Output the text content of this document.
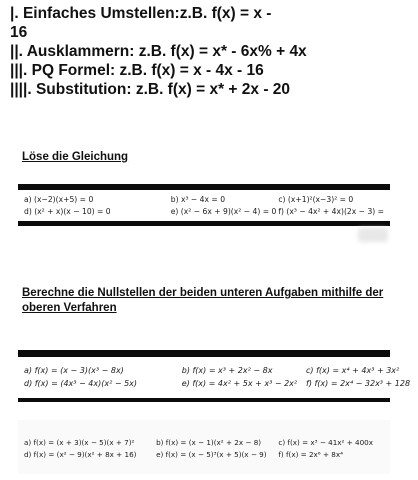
|. Einfaches Umstellen:z.B. f(x) = x -
16
||. Ausklammern: z.B. f(x) = x* - 6x% + 4x
|||. PQ Formel: z.B. f(x) = x - 4x - 16
||||. Substitution: z.B. f(x) = x* + 2x - 20
Löse die Gleichung
a) (x−2)(x+5) = 0	b) x³ − 4x = 0	c) (x+1)²(x−3)² = 0
d) (x² + x)(x − 10) = 0	e) (x² − 6x + 9)(x² − 4) = 0 f) (x³ − 4x² + 4x)(2x − 3) =
Berechne die Nullstellen der beiden unteren Aufgaben mithilfe der oberen Verfahren
a) f(x) = (x − 3)(x³ − 8x)	b) f(x) = x³ + 2x² − 8x	c) f(x) = x⁴ + 4x³ + 3x²
d) f(x) = (4x³ − 4x)(x² − 5x)	e) f(x) = 4x² + 5x + x³ − 2x²	f) f(x) = 2x⁴ − 32x³ + 128
a) f(x) = (x + 3)(x − 5)(x + 7)²	b) f(x) = (x − 1)(x² + 2x − 8)	c) f(x) = x³ − 41x² + 400x
d) f(x) = (x² − 9)(x² + 8x + 16)	e) f(x) = (x − 5)³(x + 5)(x − 9)	f) f(x) = 2x⁶ + 8x⁴
